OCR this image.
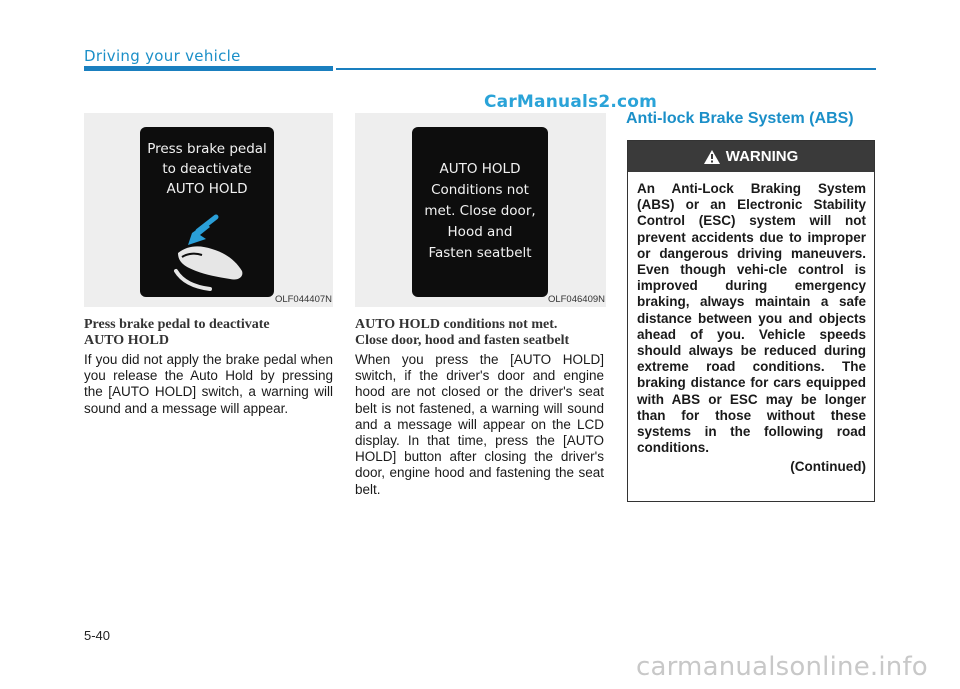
Driving your vehicle
CarManuals2.com
Press brake pedal
to deactivate
AUTO HOLD
OLF044407N
AUTO HOLD
Conditions not
met. Close door,
Hood and
Fasten seatbelt
OLF046409N
Press brake pedal to deactivate
AUTO HOLD
If you did not apply the brake pedal when you release the Auto Hold by pressing the [AUTO HOLD] switch, a warning will sound and a message will appear.
AUTO HOLD conditions not met.
Close door, hood and fasten seatbelt
When you press the [AUTO HOLD] switch, if the driver's door and engine hood are not closed or the driver's seat belt is not fastened, a warning will sound and a message will appear on the LCD display. In that time, press the [AUTO HOLD] button after closing the driver's door, engine hood and fastening the seat belt.
Anti-lock Brake System (ABS)
WARNING
An Anti-Lock Braking System (ABS) or an Electronic Stability Control (ESC) system will not prevent accidents due to improper or dangerous driving maneuvers. Even though vehi-cle control is improved during emergency braking, always maintain a safe distance between you and objects ahead of you. Vehicle speeds should always be reduced during extreme road conditions. The braking distance for cars equipped with ABS or ESC may be longer than for those without these systems in the following road conditions.
(Continued)
5-40
carmanualsonline.info
